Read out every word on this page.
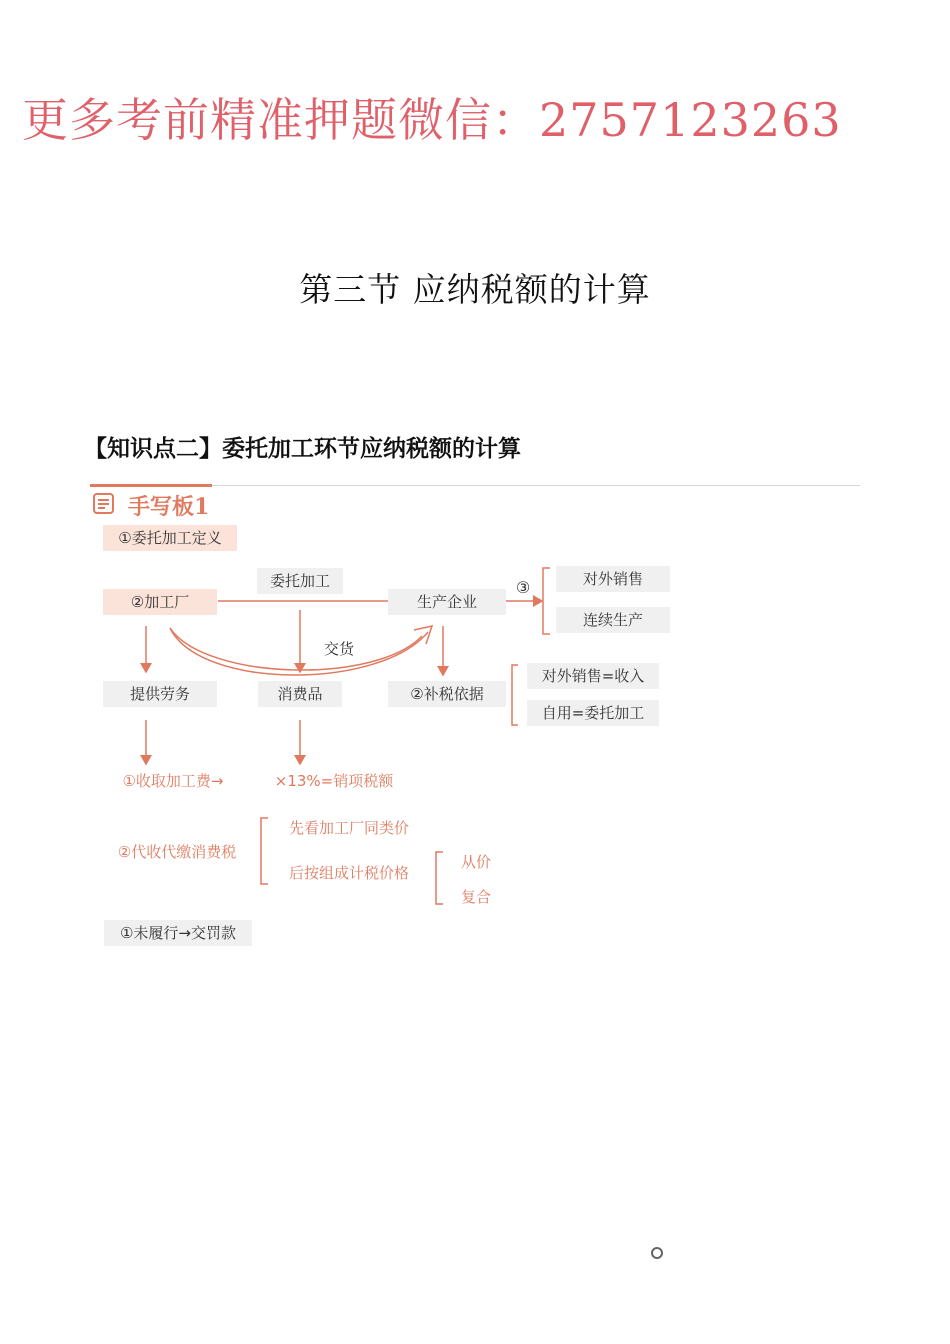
更多考前精准押题微信：2757123263
第三节 应纳税额的计算
【知识点二】委托加工环节应纳税额的计算
手写板1
①委托加工定义
②加工厂
委托加工
生产企业
③	对外销售
连续生产
交货
提供劳务	消费品	②补税依据
对外销售=收入
自用=委托加工
①收取加工费→	×13%=销项税额
②代收代缴消费税
先看加工厂同类价
后按组成计税价格
从价
复合
①未履行→交罚款
